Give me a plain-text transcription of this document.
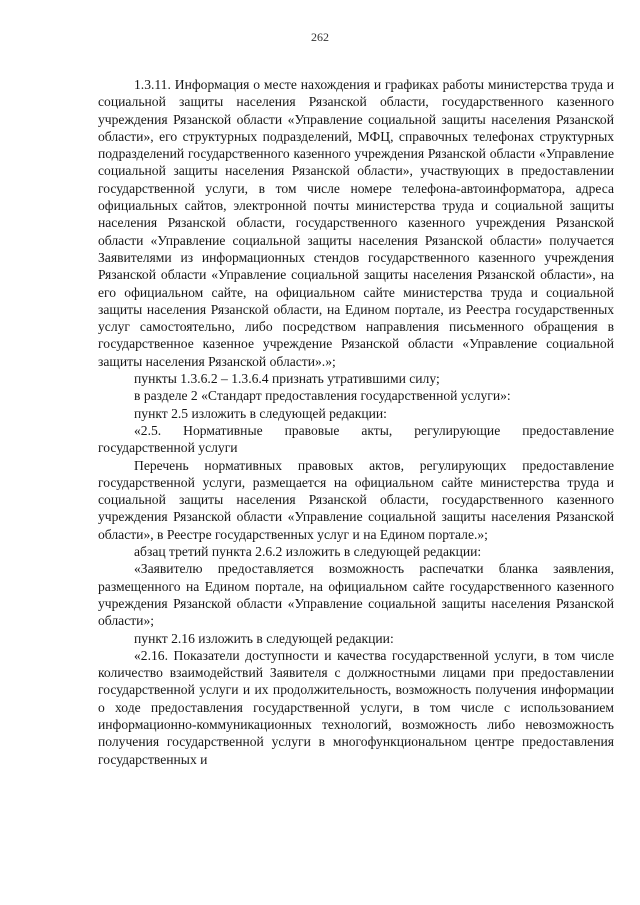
262

1.3.11. Информация о месте нахождения и графиках работы министерства труда и социальной защиты населения Рязанской области, государственного казенного учреждения Рязанской области «Управление социальной защиты населения Рязанской области», его структурных подразделений, МФЦ, справочных телефонах структурных подразделений государственного казенного учреждения Рязанской области «Управление социальной защиты населения Рязанской области», участвующих в предоставлении государственной услуги, в том числе номере телефона-автоинформатора, адреса официальных сайтов, электронной почты министерства труда и социальной защиты населения Рязанской области, государственного казенного учреждения Рязанской области «Управление социальной защиты населения Рязанской области» получается Заявителями из информационных стендов государственного казенного учреждения Рязанской области «Управление социальной защиты населения Рязанской области», на его официальном сайте, на официальном сайте министерства труда и социальной защиты населения Рязанской области, на Едином портале, из Реестра государственных услуг самостоятельно, либо посредством направления письменного обращения в государственное казенное учреждение Рязанской области «Управление социальной защиты населения Рязанской области».»;

пункты 1.3.6.2 – 1.3.6.4 признать утратившими силу;

в разделе 2 «Стандарт предоставления государственной услуги»:

пункт 2.5 изложить в следующей редакции:

«2.5. Нормативные правовые акты, регулирующие предоставление государственной услуги

Перечень нормативных правовых актов, регулирующих предоставление государственной услуги, размещается на официальном сайте министерства труда и социальной защиты населения Рязанской области, государственного казенного учреждения Рязанской области «Управление социальной защиты населения Рязанской области», в Реестре государственных услуг и на Едином портале.»;

абзац третий пункта 2.6.2 изложить в следующей редакции:

«Заявителю предоставляется возможность распечатки бланка заявления, размещенного на Едином портале, на официальном сайте государственного казенного учреждения Рязанской области «Управление социальной защиты населения Рязанской области»;

пункт 2.16 изложить в следующей редакции:

«2.16. Показатели доступности и качества государственной услуги, в том числе количество взаимодействий Заявителя с должностными лицами при предоставлении государственной услуги и их продолжительность, возможность получения информации о ходе предоставления государственной услуги, в том числе с использованием информационно-коммуникационных технологий, возможность либо невозможность получения государственной услуги в многофункциональном центре предоставления государственных и
